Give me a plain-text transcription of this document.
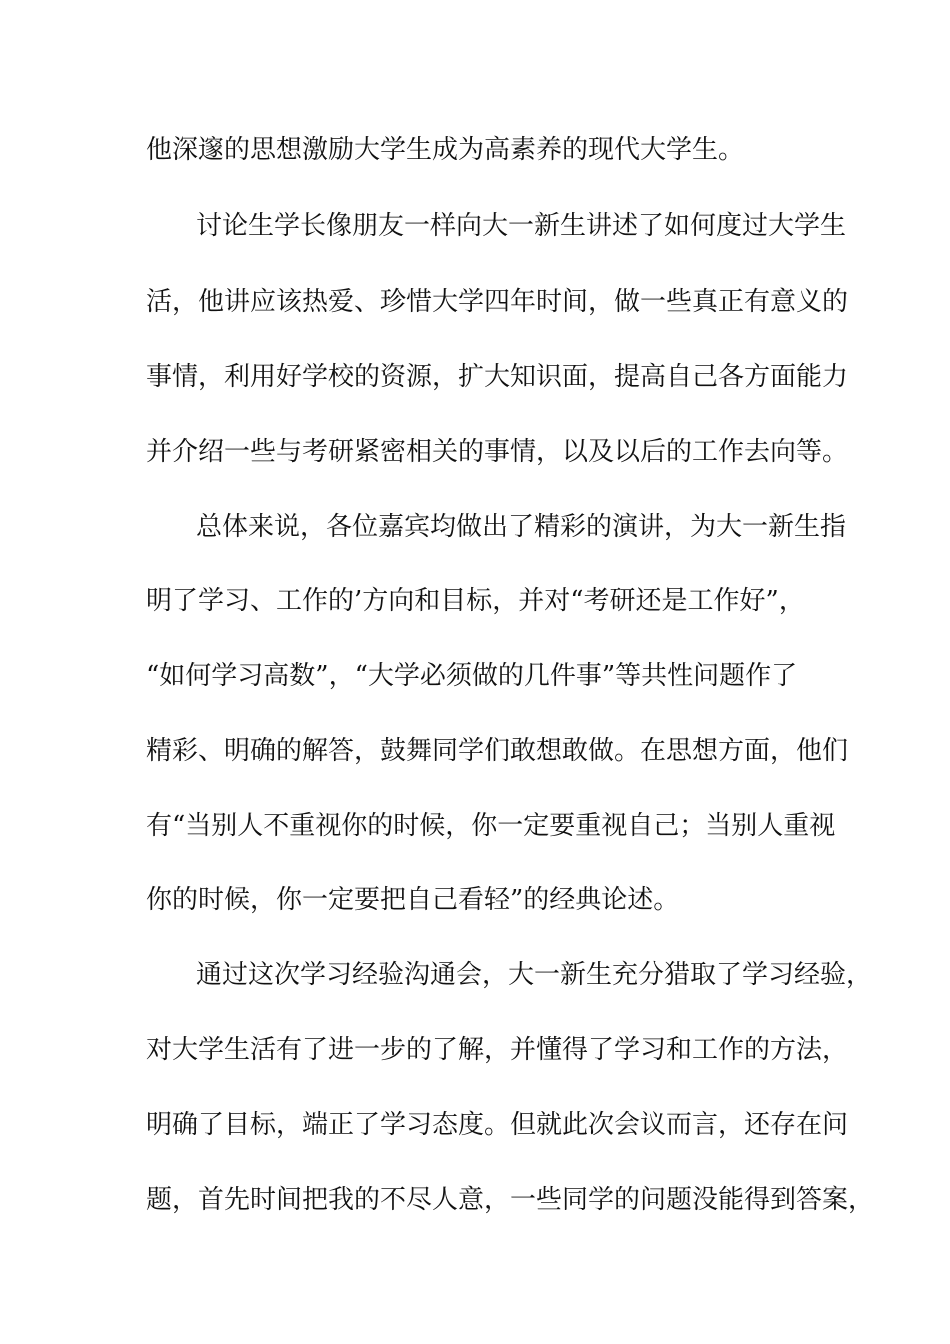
他深邃的思想激励大学生成为高素养的现代大学生。
讨论生学长像朋友一样向大一新生讲述了如何度过大学生
活，他讲应该热爱、珍惜大学四年时间，做一些真正有意义的
事情，利用好学校的资源，扩大知识面，提高自己各方面能力
并介绍一些与考研紧密相关的事情，以及以后的工作去向等。
总体来说，各位嘉宾均做出了精彩的演讲，为大一新生指
明了学习、工作的’方向和目标，并对“考研还是工作好”，
“如何学习高数”，“大学必须做的几件事”等共性问题作了
精彩、明确的解答，鼓舞同学们敢想敢做。在思想方面，他们
有“当别人不重视你的时候，你一定要重视自己；当别人重视
你的时候，你一定要把自己看轻”的经典论述。
通过这次学习经验沟通会，大一新生充分猎取了学习经验，
对大学生活有了进一步的了解，并懂得了学习和工作的方法，
明确了目标，端正了学习态度。但就此次会议而言，还存在问
题，首先时间把我的不尽人意，一些同学的问题没能得到答案，
